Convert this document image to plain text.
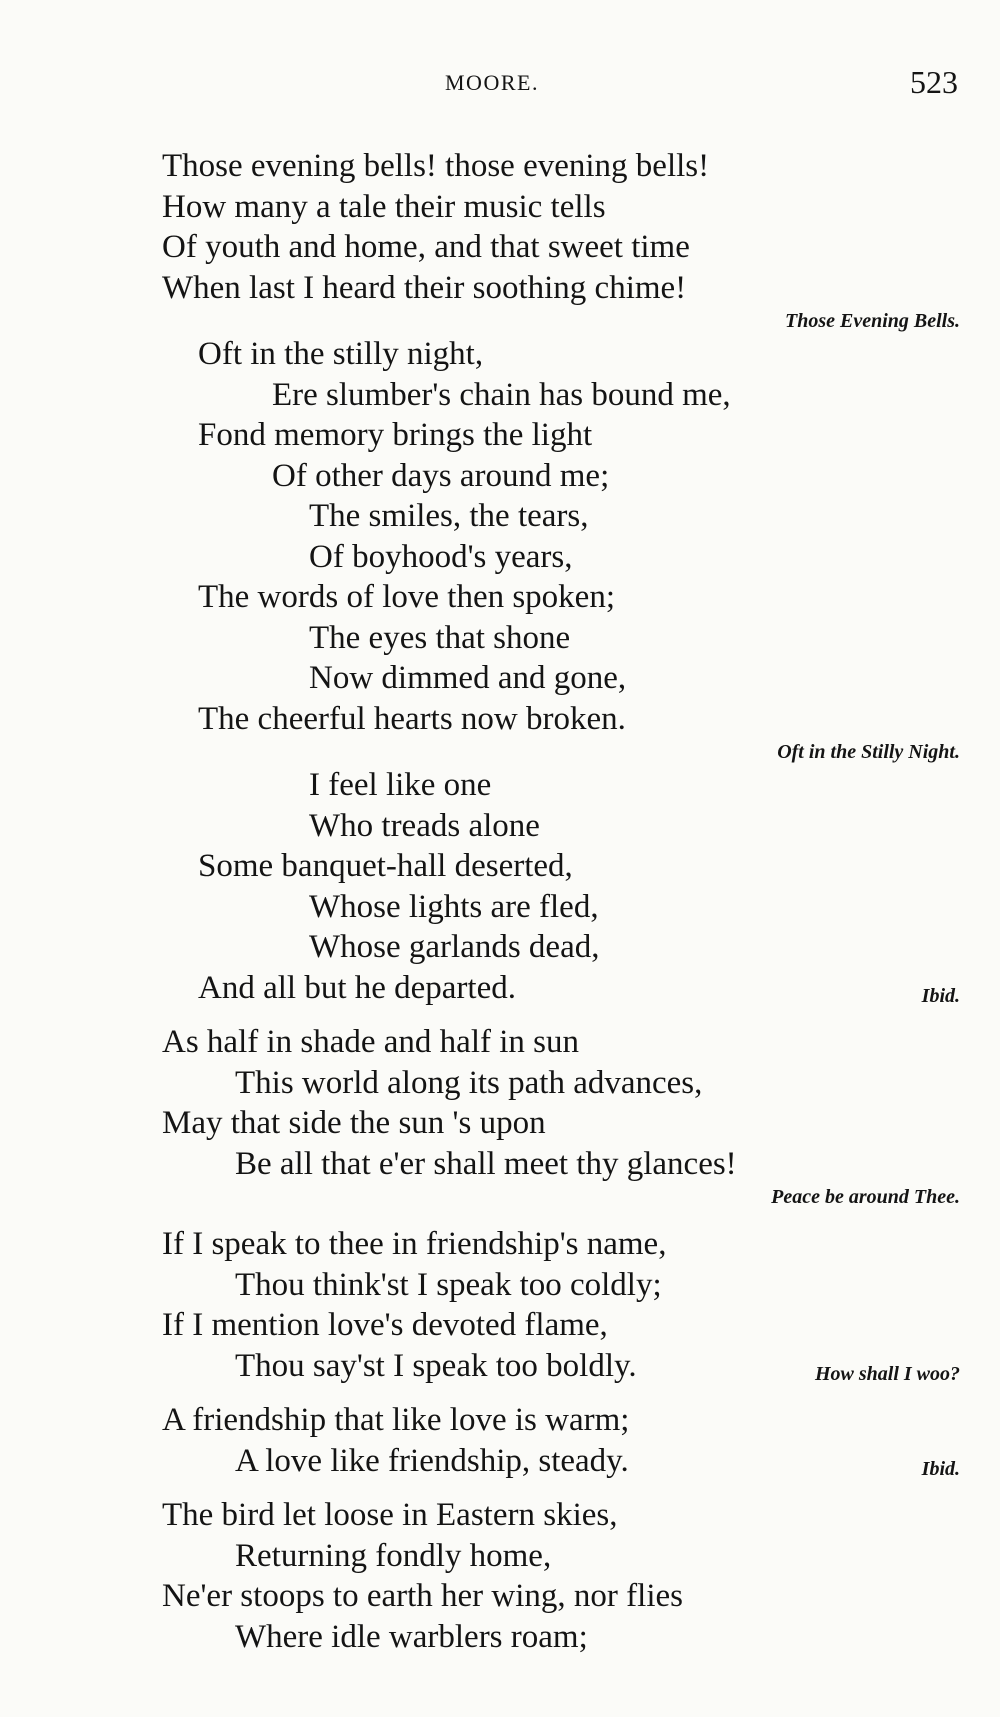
MOORE.	523
Those evening bells! those evening bells!
How many a tale their music tells
Of youth and home, and that sweet time
When last I heard their soothing chime!
Those Evening Bells.
Oft in the stilly night,
Ere slumber's chain has bound me,
Fond memory brings the light
Of other days around me;
The smiles, the tears,
Of boyhood's years,
The words of love then spoken;
The eyes that shone
Now dimmed and gone,
The cheerful hearts now broken.
Oft in the Stilly Night.
I feel like one
Who treads alone
Some banquet-hall deserted,
Whose lights are fled,
Whose garlands dead,
And all but he departed.	Ibid.
As half in shade and half in sun
This world along its path advances,
May that side the sun 's upon
Be all that e'er shall meet thy glances!
Peace be around Thee.
If I speak to thee in friendship's name,
Thou think'st I speak too coldly;
If I mention love's devoted flame,
Thou say'st I speak too boldly.	How shall I woo?
A friendship that like love is warm;
A love like friendship, steady.	Ibid.
The bird let loose in Eastern skies,
Returning fondly home,
Ne'er stoops to earth her wing, nor flies
Where idle warblers roam;
